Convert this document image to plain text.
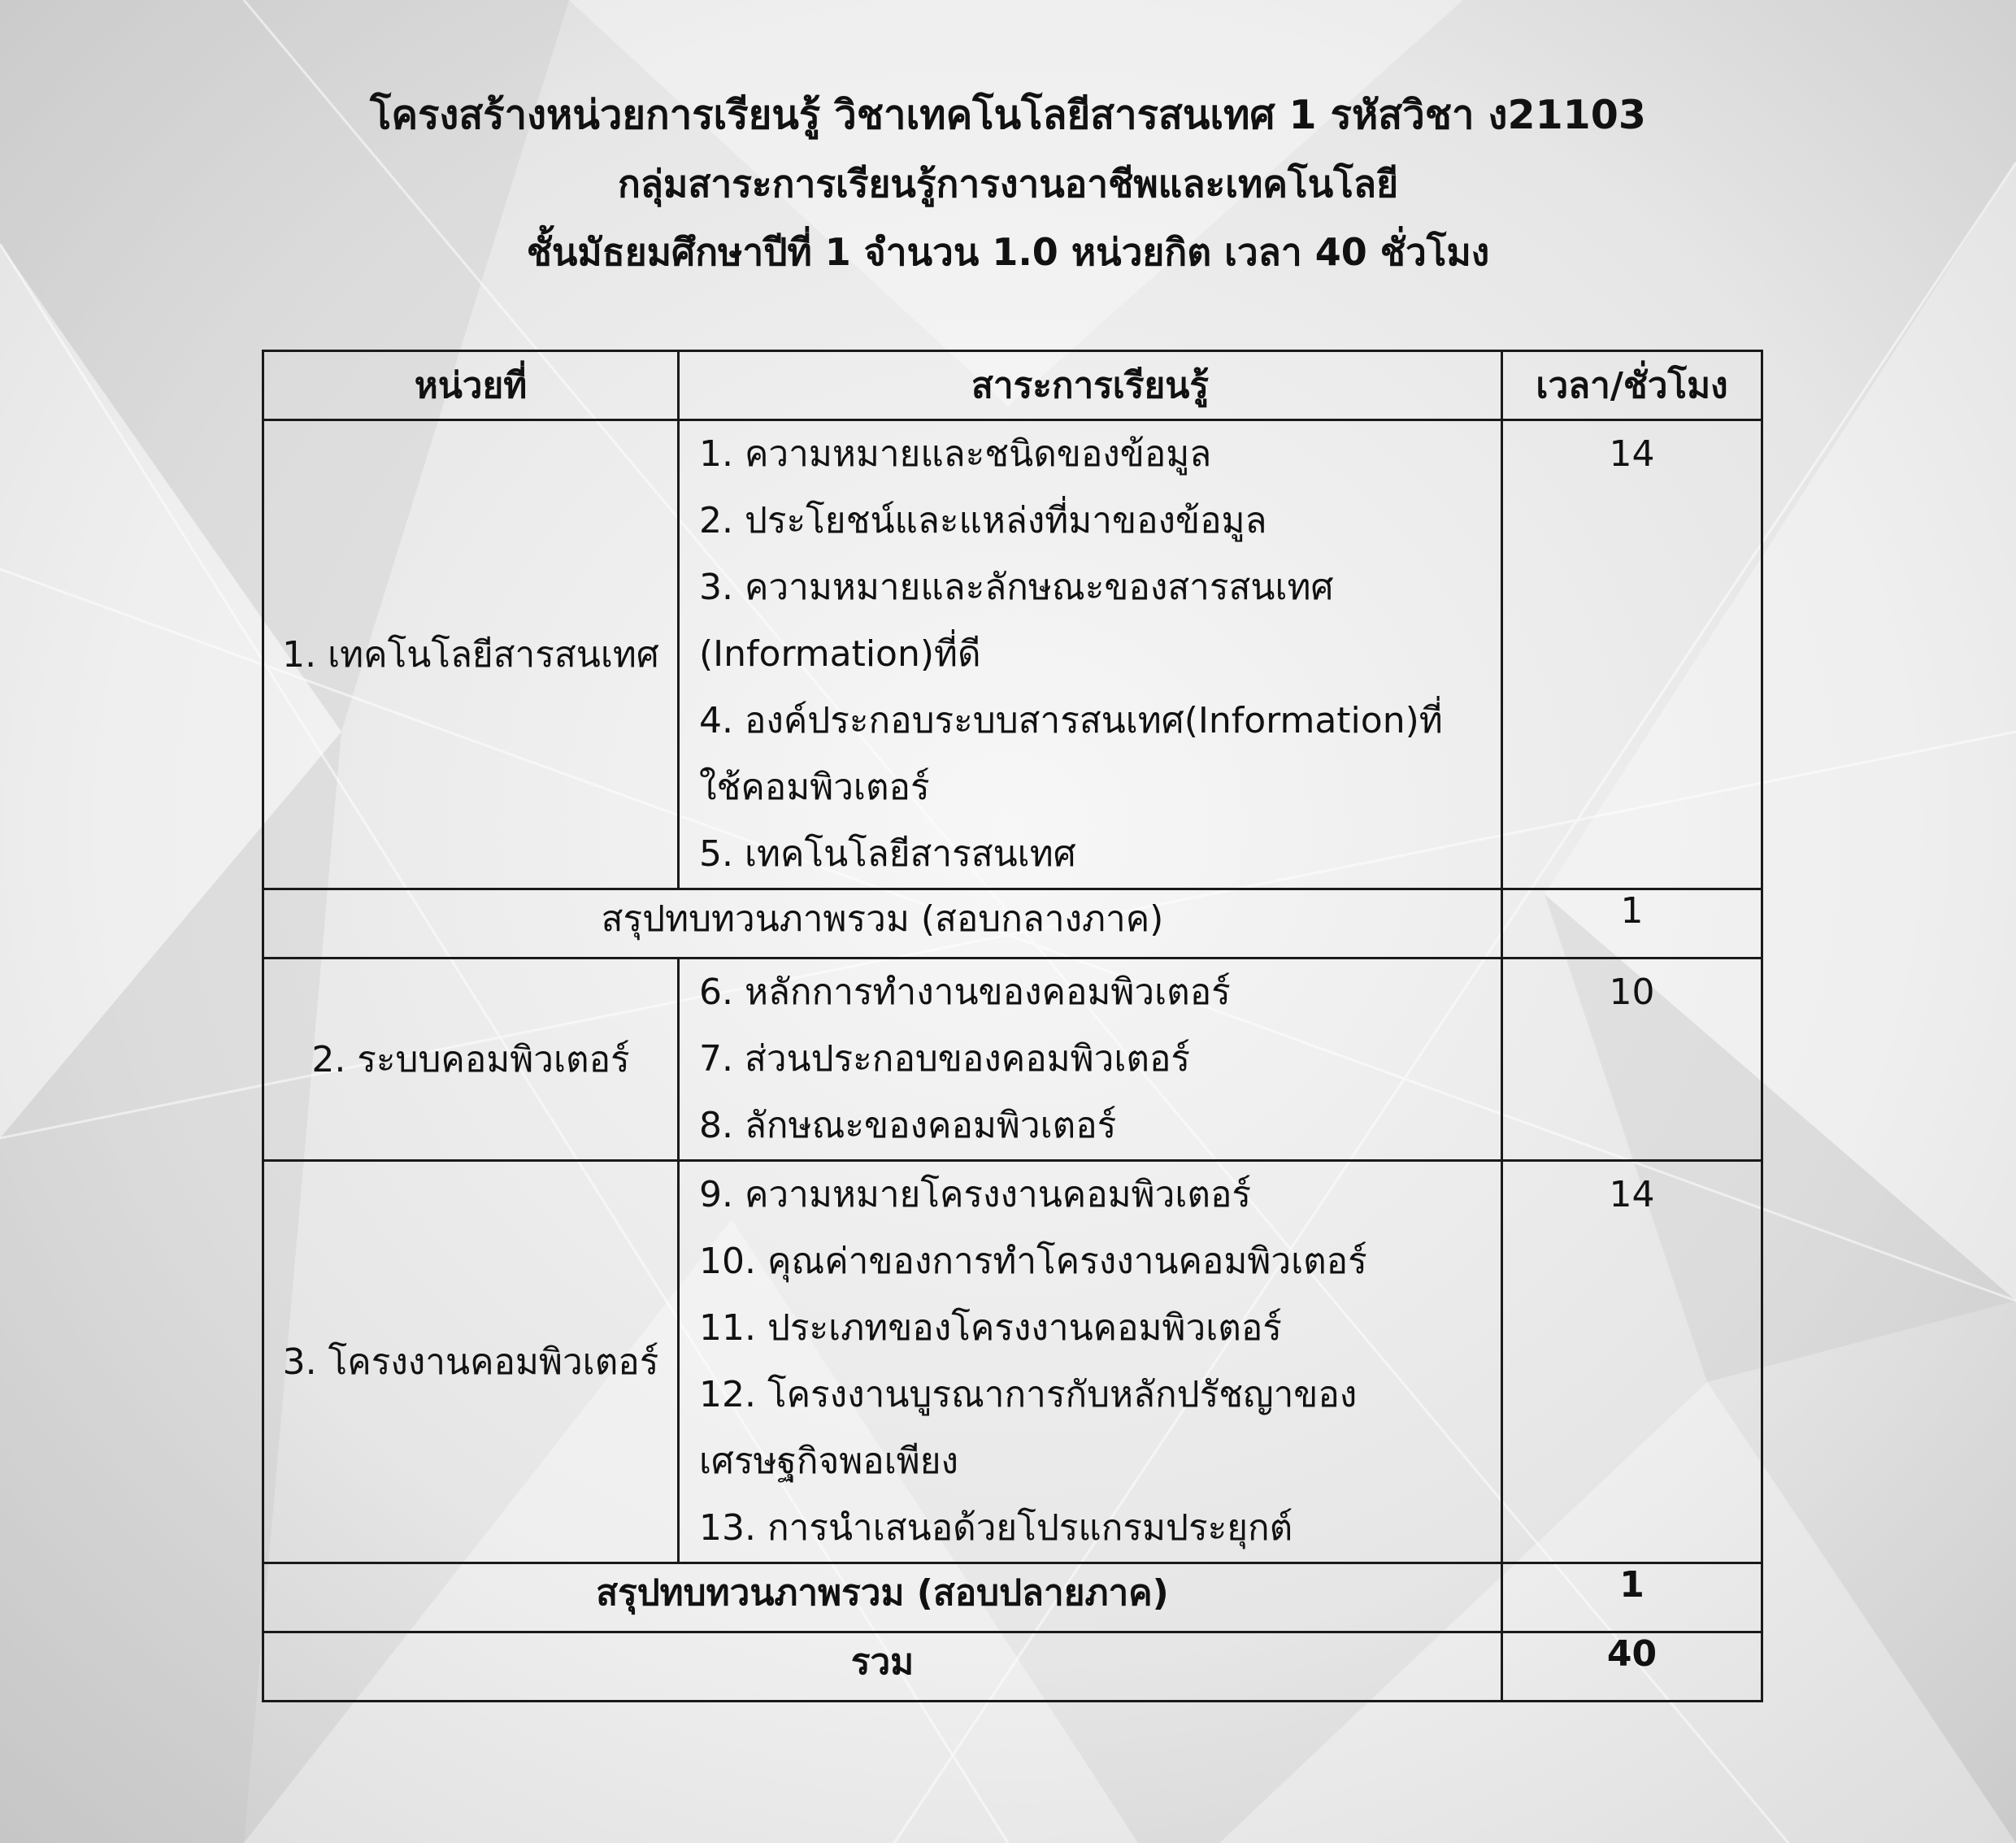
โครงสร้างหน่วยการเรียนรู้ วิชาเทคโนโลยีสารสนเทศ 1 รหัสวิชา ง21103
กลุ่มสาระการเรียนรู้การงานอาชีพและเทคโนโลยี
ชั้นมัธยมศึกษาปีที่ 1 จำนวน 1.0 หน่วยกิต เวลา 40 ชั่วโมง
หน่วยที่	สาระการเรียนรู้	เวลา/ชั่วโมง
1. เทคโนโลยีสารสนเทศ	1. ความหมายและชนิดของข้อมูล
2. ประโยชน์และแหล่งที่มาของข้อมูล
3. ความหมายและลักษณะของสารสนเทศ (Information)ที่ดี
4. องค์ประกอบระบบสารสนเทศ(Information)ที่ใช้คอมพิวเตอร์
5. เทคโนโลยีสารสนเทศ	14
สรุปทบทวนภาพรวม (สอบกลางภาค)		1
2. ระบบคอมพิวเตอร์	6. หลักการทำงานของคอมพิวเตอร์
7. ส่วนประกอบของคอมพิวเตอร์
8. ลักษณะของคอมพิวเตอร์	10
3. โครงงานคอมพิวเตอร์	9. ความหมายโครงงานคอมพิวเตอร์
10. คุณค่าของการทำโครงงานคอมพิวเตอร์
11. ประเภทของโครงงานคอมพิวเตอร์
12. โครงงานบูรณาการกับหลักปรัชญาของเศรษฐกิจพอเพียง
13. การนำเสนอด้วยโปรแกรมประยุกต์	14
สรุปทบทวนภาพรวม (สอบปลายภาค)		1
รวม		40
